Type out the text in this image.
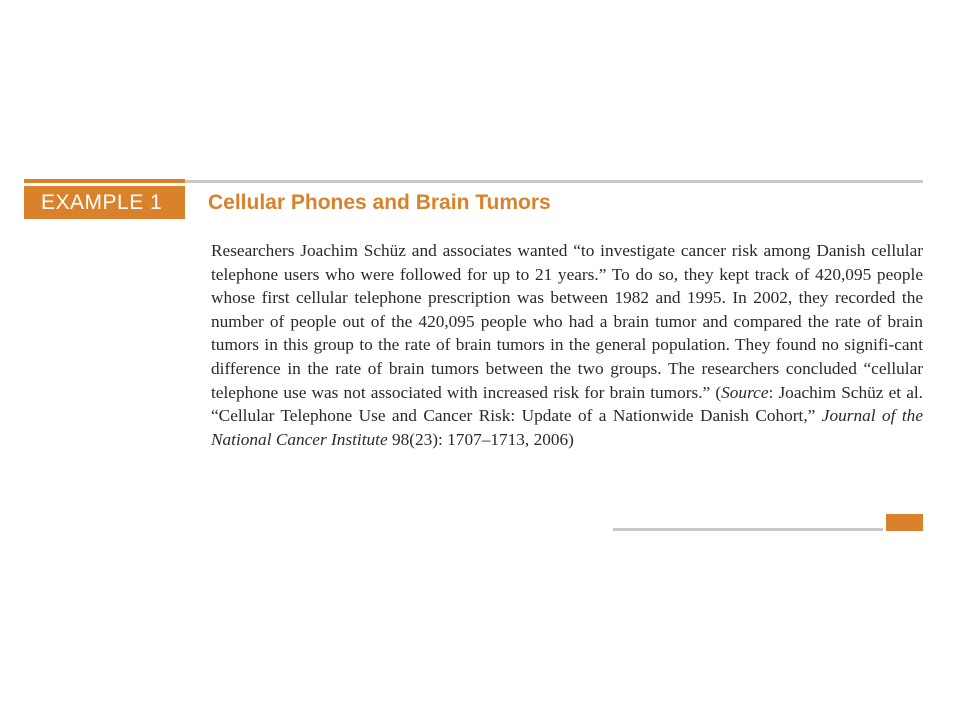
EXAMPLE 1	Cellular Phones and Brain Tumors

Researchers Joachim Schüz and associates wanted “to investigate cancer risk among Danish cellular telephone users who were followed for up to 21 years.” To do so, they kept track of 420,095 people whose first cellular telephone prescription was between 1982 and 1995. In 2002, they recorded the number of people out of the 420,095 people who had a brain tumor and compared the rate of brain tumors in this group to the rate of brain tumors in the general population. They found no signifi-cant difference in the rate of brain tumors between the two groups. The researchers concluded “cellular telephone use was not associated with increased risk for brain tumors.” (Source: Joachim Schüz et al. “Cellular Telephone Use and Cancer Risk: Update of a Nationwide Danish Cohort,” Journal of the National Cancer Institute 98(23): 1707–1713, 2006)
